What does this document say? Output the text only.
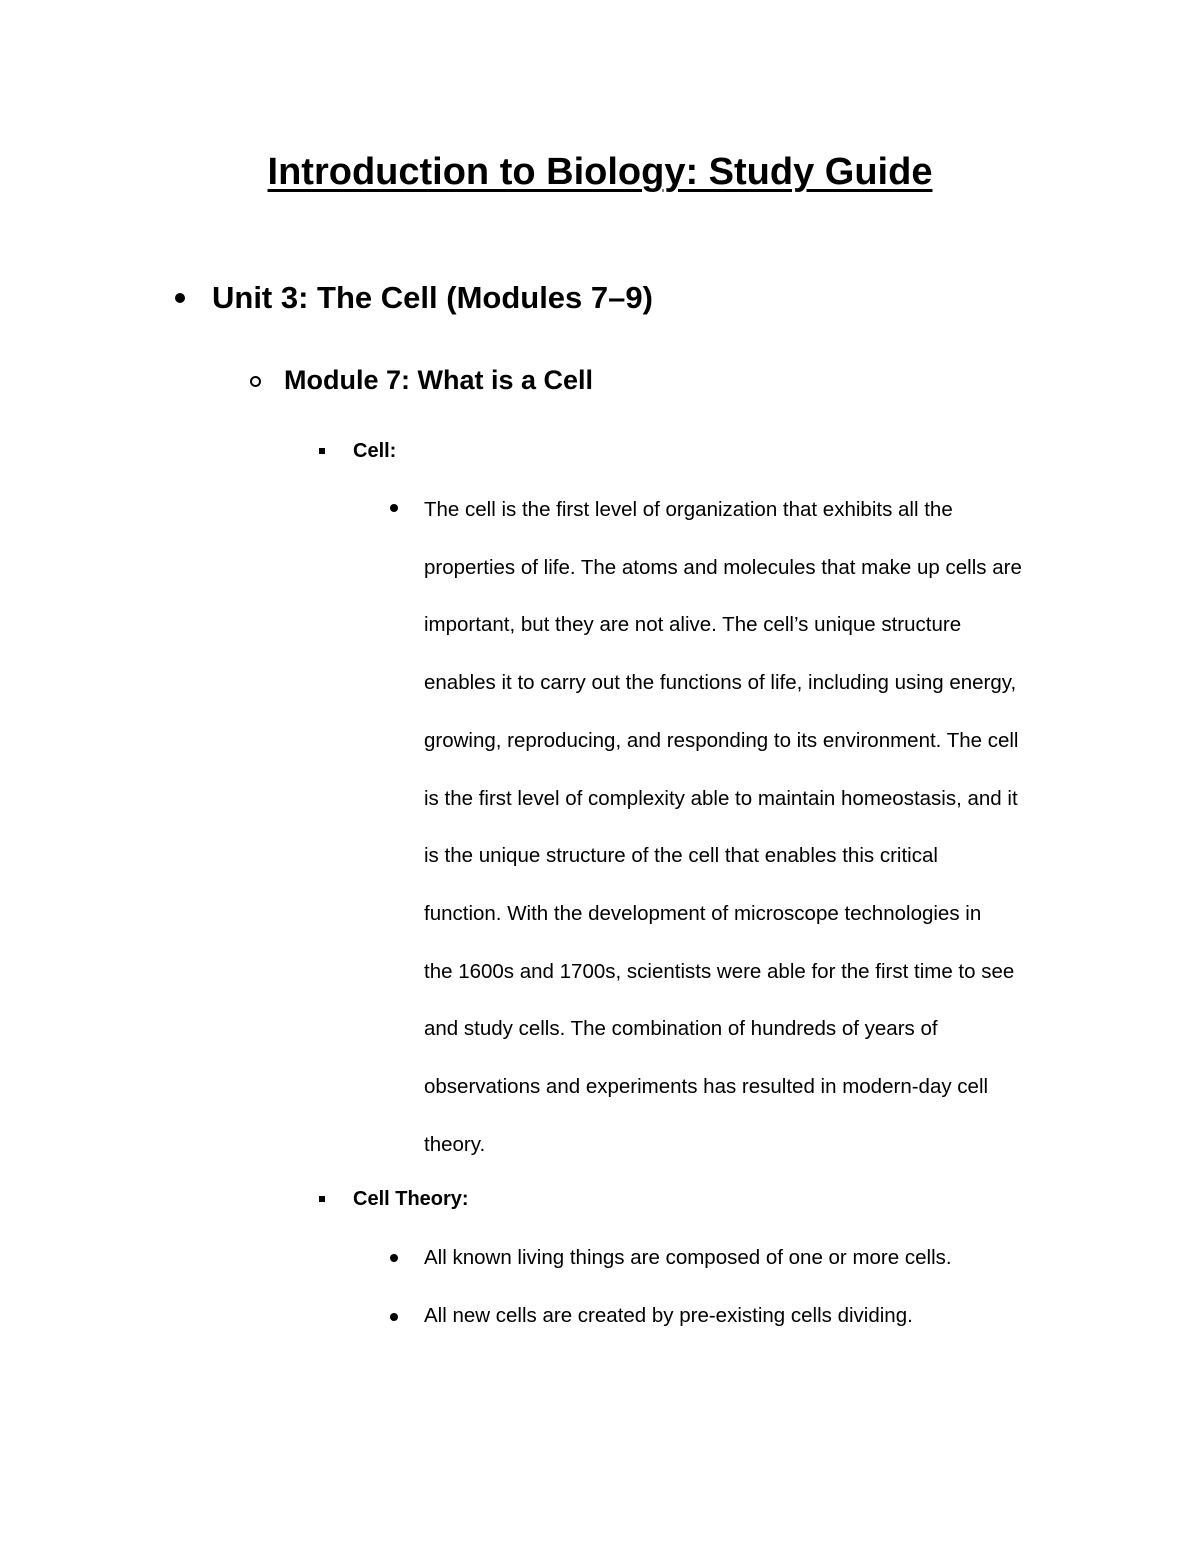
Introduction to Biology: Study Guide
Unit 3: The Cell (Modules 7–9)
Module 7: What is a Cell
Cell:
The cell is the first level of organization that exhibits all the
properties of life. The atoms and molecules that make up cells are
important, but they are not alive. The cell’s unique structure
enables it to carry out the functions of life, including using energy,
growing, reproducing, and responding to its environment. The cell
is the first level of complexity able to maintain homeostasis, and it
is the unique structure of the cell that enables this critical
function. With the development of microscope technologies in
the 1600s and 1700s, scientists were able for the first time to see
and study cells. The combination of hundreds of years of
observations and experiments has resulted in modern-day cell
theory.
Cell Theory:
All known living things are composed of one or more cells.
All new cells are created by pre-existing cells dividing.
